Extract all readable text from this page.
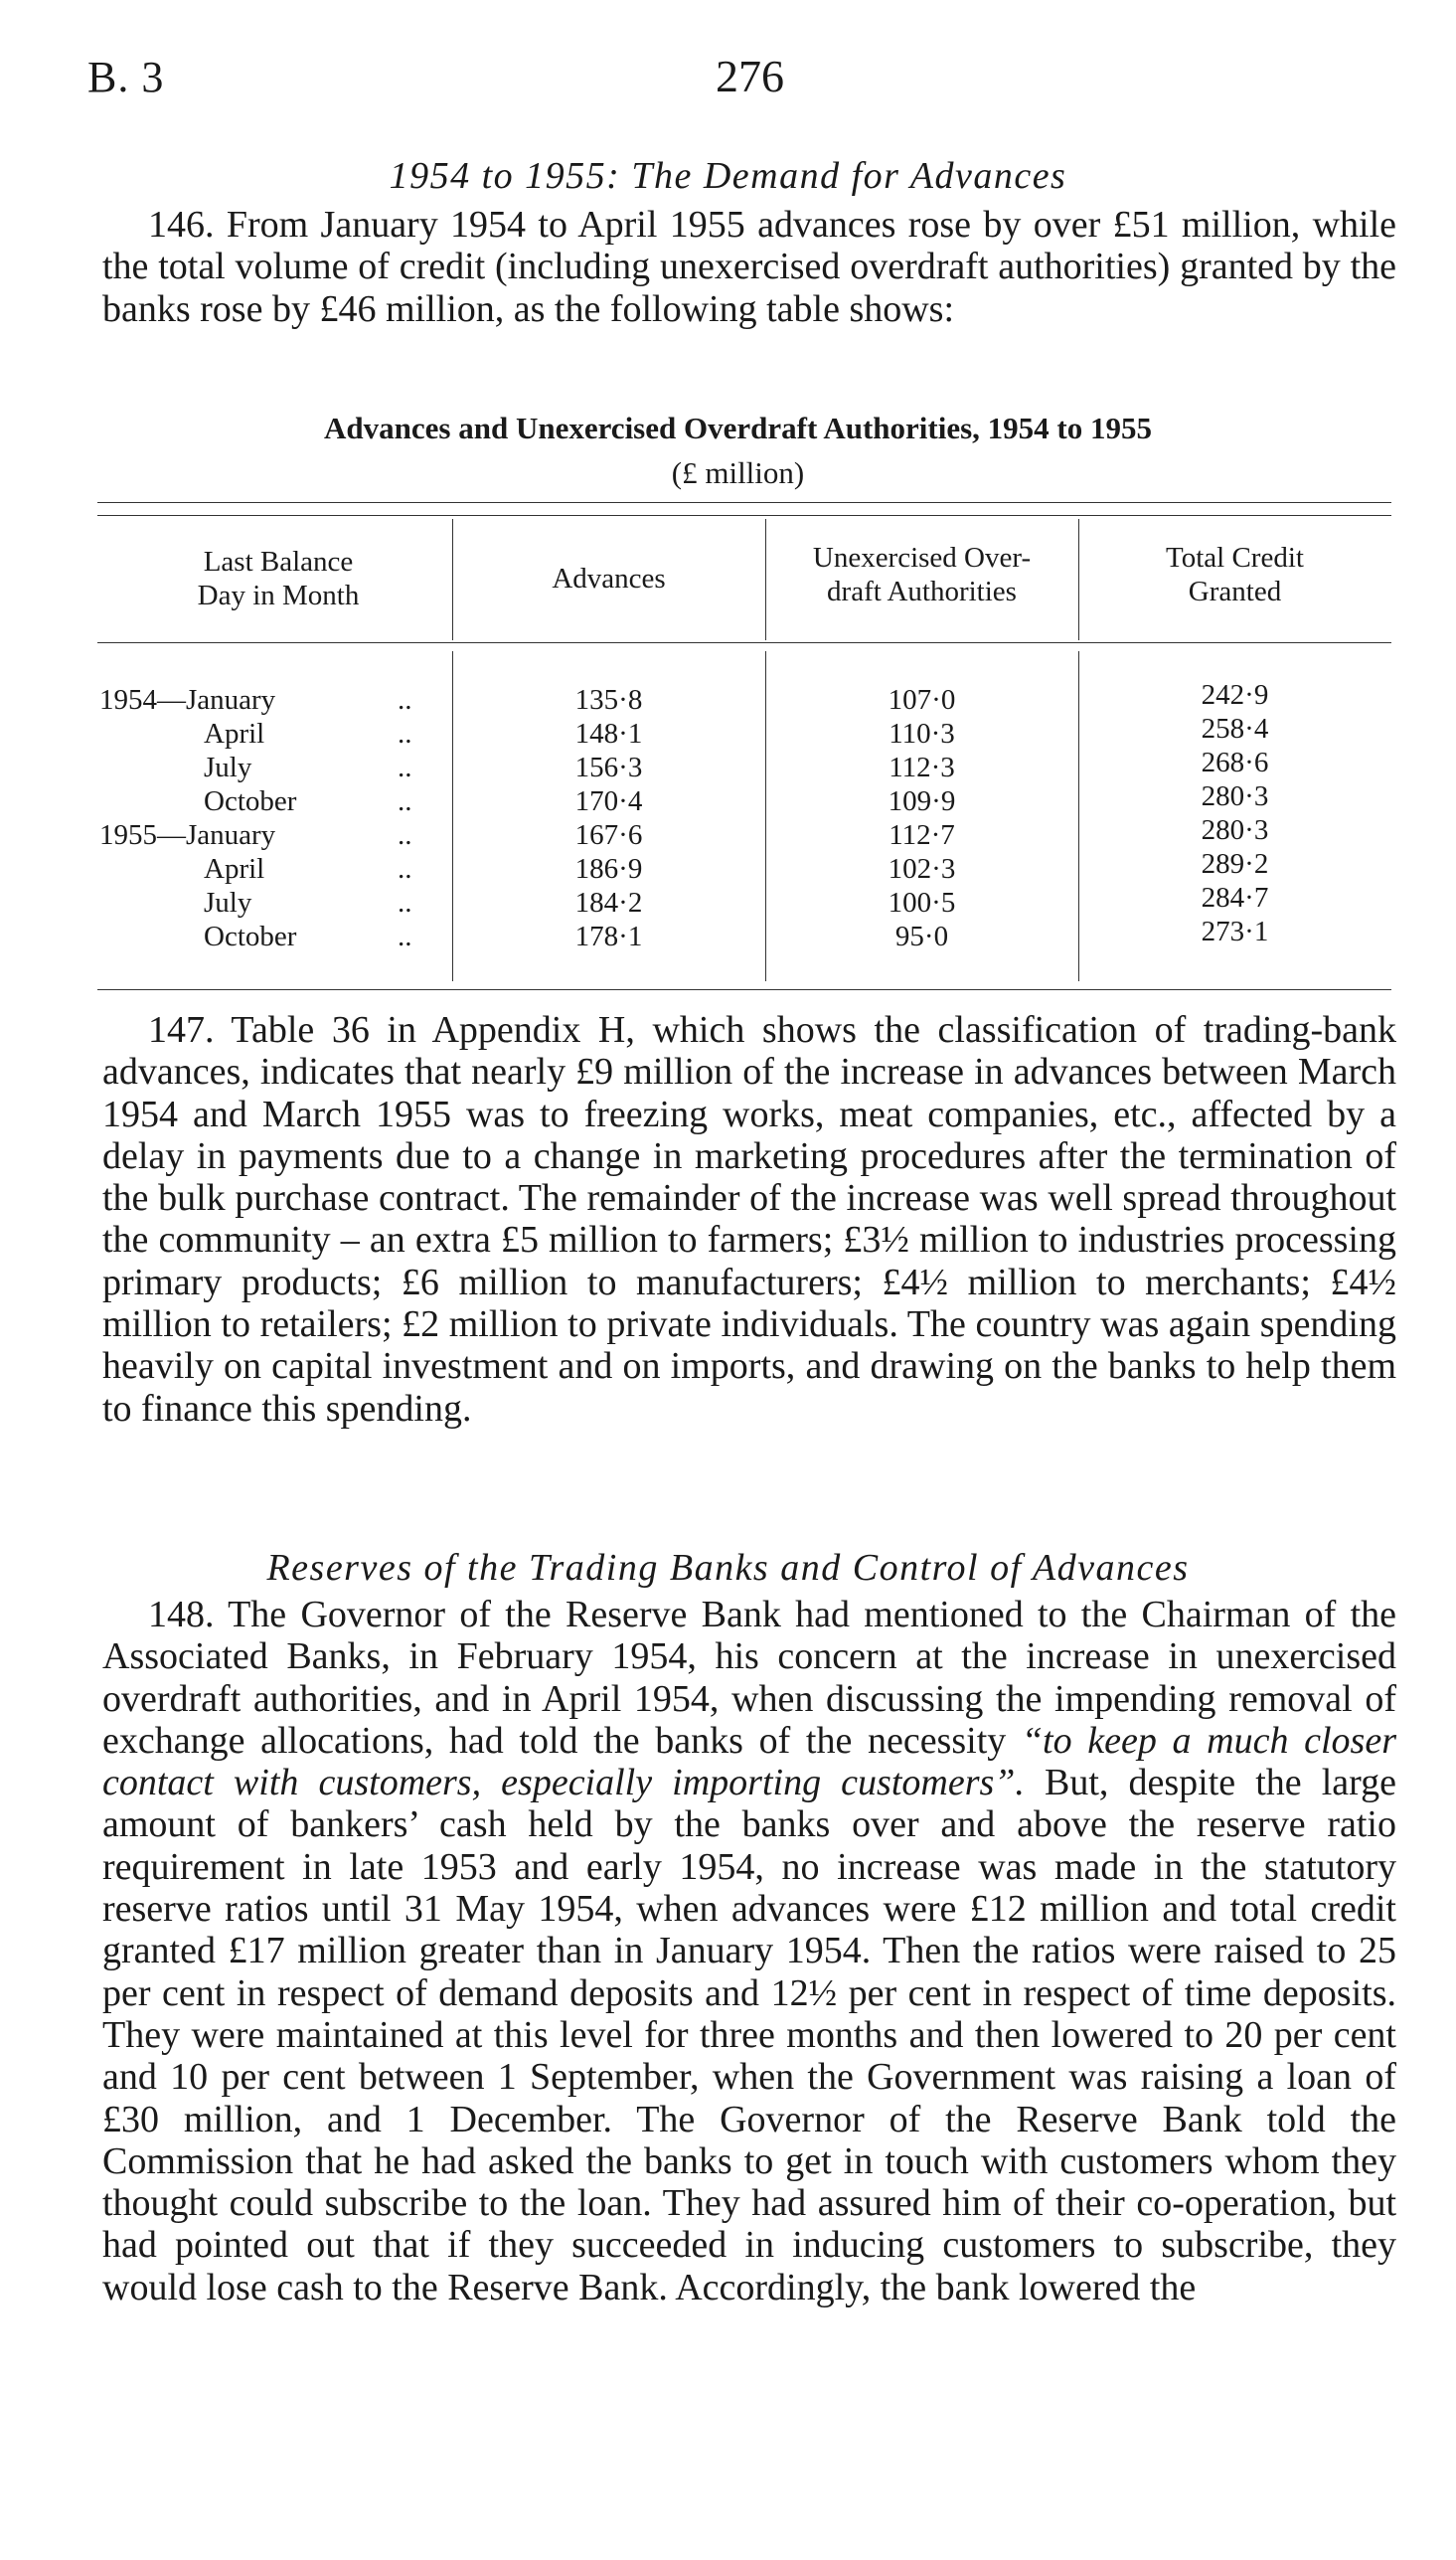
B. 3	276
1954 to 1955: The Demand for Advances

146. From January 1954 to April 1955 advances rose by over £51 million, while the total volume of credit (including unexercised overdraft authorities) granted by the banks rose by £46 million, as the following table shows:

Advances and Unexercised Overdraft Authorities, 1954 to 1955
(£ million)
Last Balance
Day in Month
Advances
Unexercised Over-
draft Authorities
Total Credit
Granted
1954—January	..	135·8	107·0	242·9
April	..	148·1	110·3	258·4
July	..	156·3	112·3	268·6
October	..	170·4	109·9	280·3
1955—January	..	167·6	112·7	280·3
April	..	186·9	102·3	289·2
July	..	184·2	100·5	284·7
October	..	178·1	95·0	273·1

147. Table 36 in Appendix H, which shows the classification of trading-bank advances, indicates that nearly £9 million of the increase in advances between March 1954 and March 1955 was to freezing works, meat companies, etc., affected by a delay in payments due to a change in marketing procedures after the termination of the bulk purchase contract. The remainder of the increase was well spread throughout the community – an extra £5 million to farmers; £3½ million to industries processing primary products; £6 million to manufacturers; £4½ million to merchants; £4½ million to retailers; £2 million to private individuals. The country was again spending heavily on capital investment and on imports, and drawing on the banks to help them to finance this spending.

Reserves of the Trading Banks and Control of Advances

148. The Governor of the Reserve Bank had mentioned to the Chairman of the Associated Banks, in February 1954, his concern at the increase in unexercised overdraft authorities, and in April 1954, when discussing the impending removal of exchange allocations, had told the banks of the necessity “to keep a much closer contact with customers, especially importing customers”. But, despite the large amount of bankers’ cash held by the banks over and above the reserve ratio requirement in late 1953 and early 1954, no increase was made in the statutory reserve ratios until 31 May 1954, when advances were £12 million and total credit granted £17 million greater than in January 1954. Then the ratios were raised to 25 per cent in respect of demand deposits and 12½ per cent in respect of time deposits. They were maintained at this level for three months and then lowered to 20 per cent and 10 per cent between 1 September, when the Government was raising a loan of £30 million, and 1 December. The Governor of the Reserve Bank told the Commission that he had asked the banks to get in touch with customers whom they thought could subscribe to the loan. They had assured him of their co-operation, but had pointed out that if they succeeded in inducing customers to subscribe, they would lose cash to the Reserve Bank. Accordingly, the bank lowered the
